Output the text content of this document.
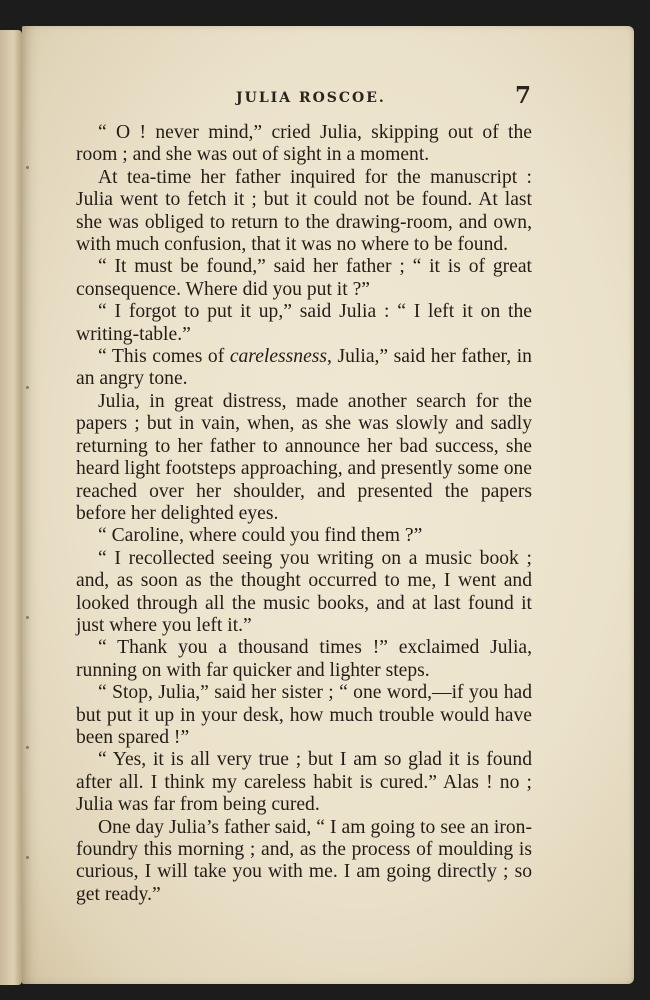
JULIA ROSCOE.	7

“ O ! never mind,” cried Julia, skipping out of the room ; and she was out of sight in a moment.

At tea-time her father inquired for the manuscript : Julia went to fetch it ; but it could not be found. At last she was obliged to return to the drawing-room, and own, with much confusion, that it was no where to be found.

“ It must be found,” said her father ; “ it is of great consequence. Where did you put it ?”

“ I forgot to put it up,” said Julia : “ I left it on the writing-table.”

“ This comes of carelessness, Julia,” said her father, in an angry tone.

Julia, in great distress, made another search for the papers ; but in vain, when, as she was slowly and sadly returning to her father to announce her bad success, she heard light footsteps approaching, and presently some one reached over her shoulder, and presented the papers before her delighted eyes.

“ Caroline, where could you find them ?”

“ I recollected seeing you writing on a music book ; and, as soon as the thought occurred to me, I went and looked through all the music books, and at last found it just where you left it.”

“ Thank you a thousand times !” exclaimed Julia, running on with far quicker and lighter steps.

“ Stop, Julia,” said her sister ; “ one word,—if you had but put it up in your desk, how much trouble would have been spared !”

“ Yes, it is all very true ; but I am so glad it is found after all. I think my careless habit is cured.” Alas ! no ; Julia was far from being cured.

One day Julia’s father said, “ I am going to see an iron-foundry this morning ; and, as the process of moulding is curious, I will take you with me. I am going directly ; so get ready.”
